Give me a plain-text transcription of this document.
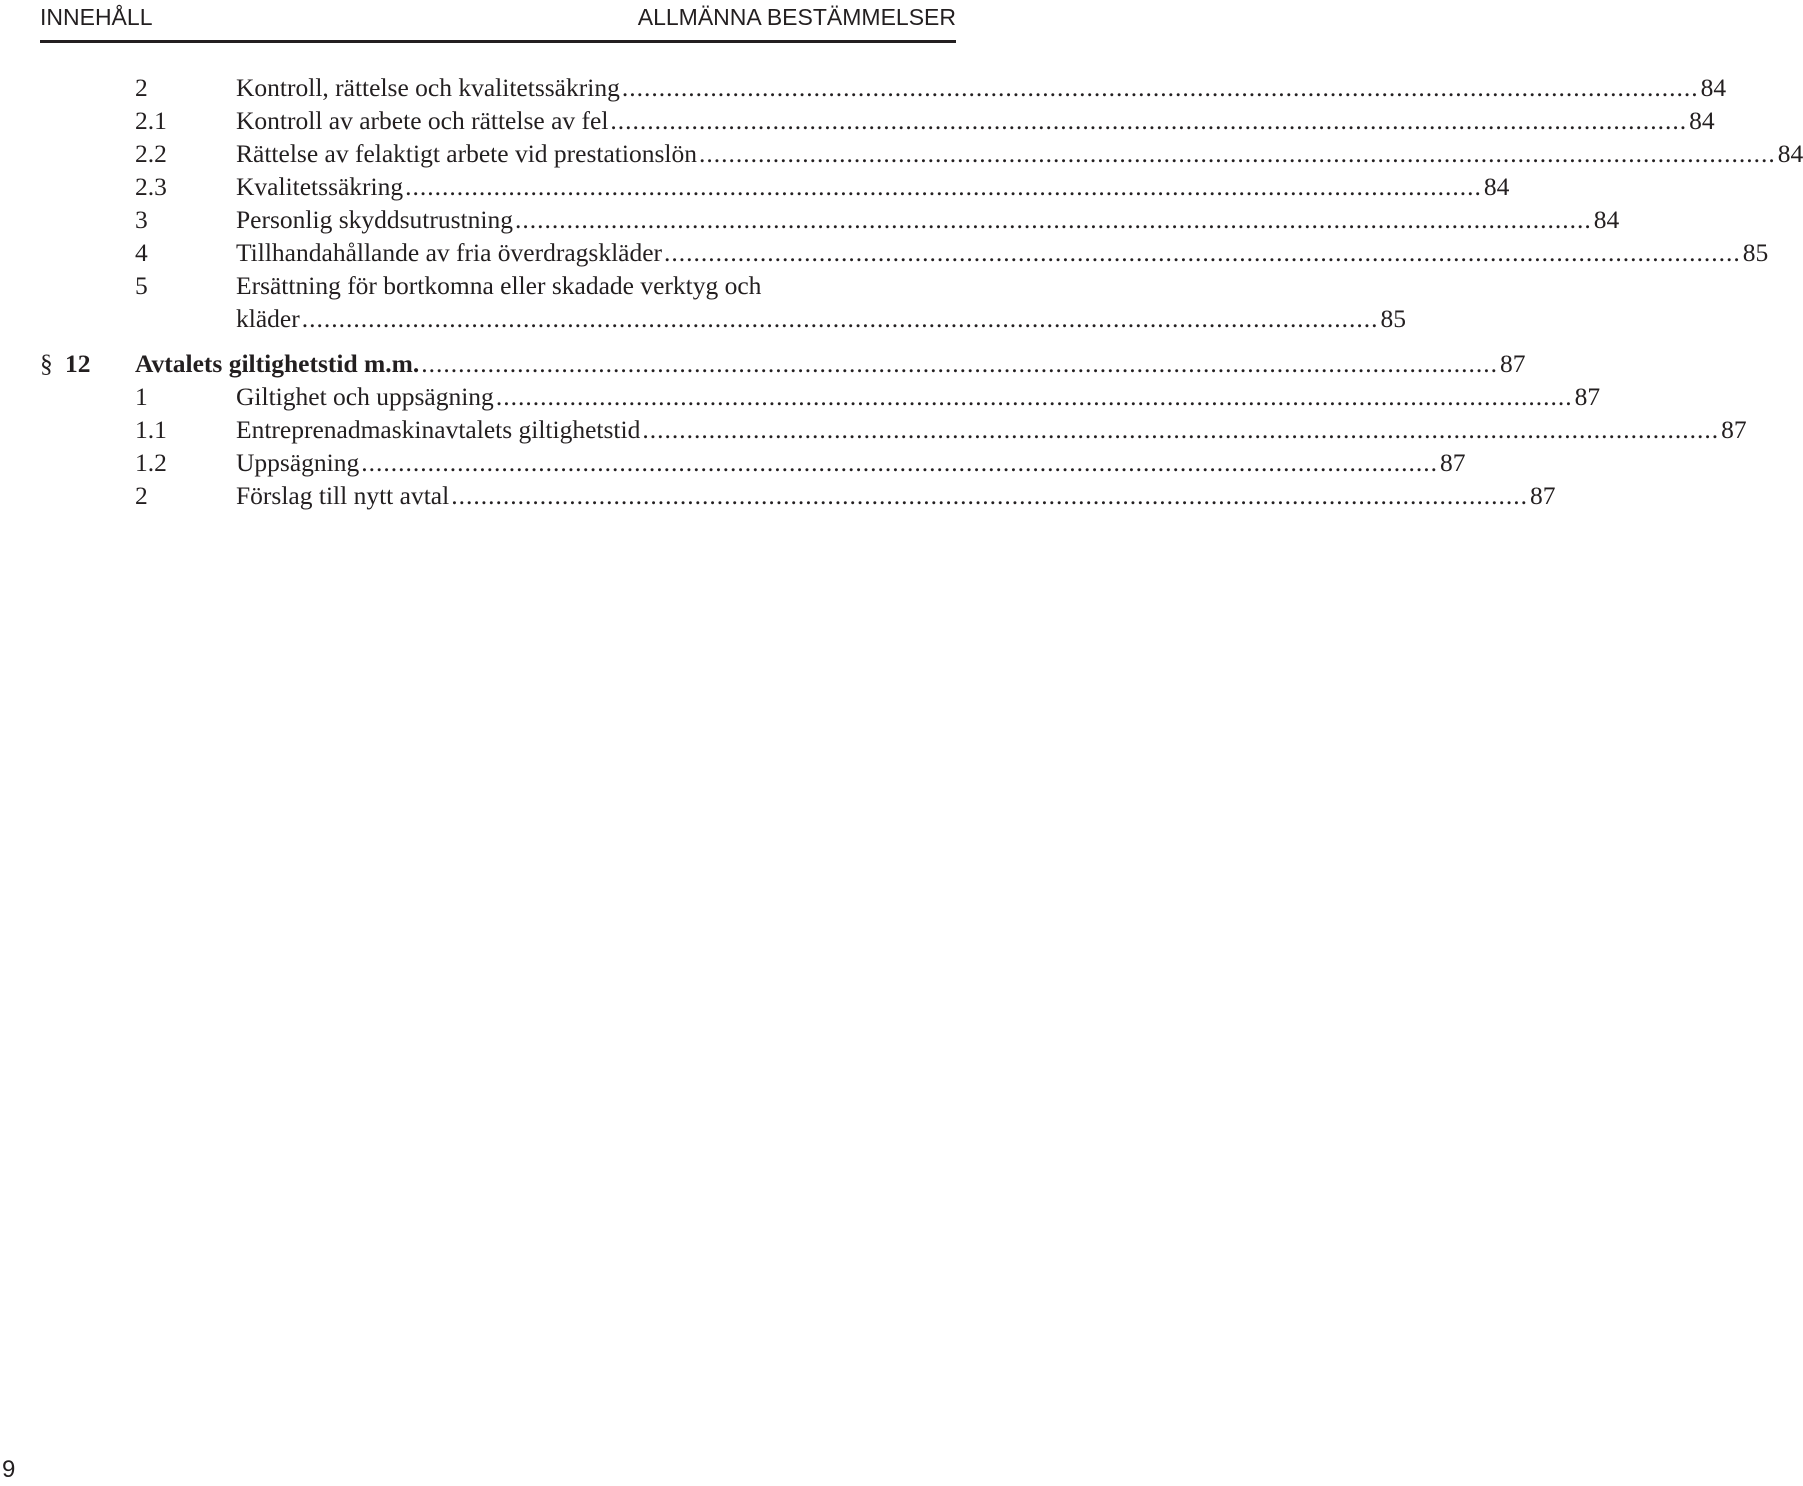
INNEHÅLL	ALLMÄNNA BESTÄMMELSER
2	Kontroll, rättelse och kvalitetssäkring .................................................................................................................................................. 84
2.1	Kontroll av arbete och rättelse av fel .................................................................................................................................................. 84
2.2	Rättelse av felaktigt arbete vid prestationslön .................................................................................................................................................. 84
2.3	Kvalitetssäkring .................................................................................................................................................. 84
3	Personlig skyddsutrustning .................................................................................................................................................. 84
4	Tillhandahållande av fria överdragskläder .................................................................................................................................................. 85
5	Ersättning för bortkomna eller skadade verktyg och
kläder .................................................................................................................................................. 85
§ 12 Avtalets giltighetstid m.m. .................................................................................................................................................. 87
1	Giltighet och uppsägning .................................................................................................................................................. 87
1.1	Entreprenadmaskinavtalets giltighetstid .................................................................................................................................................. 87
1.2	Uppsägning .................................................................................................................................................. 87
2	Förslag till nytt avtal .................................................................................................................................................. 87
9
